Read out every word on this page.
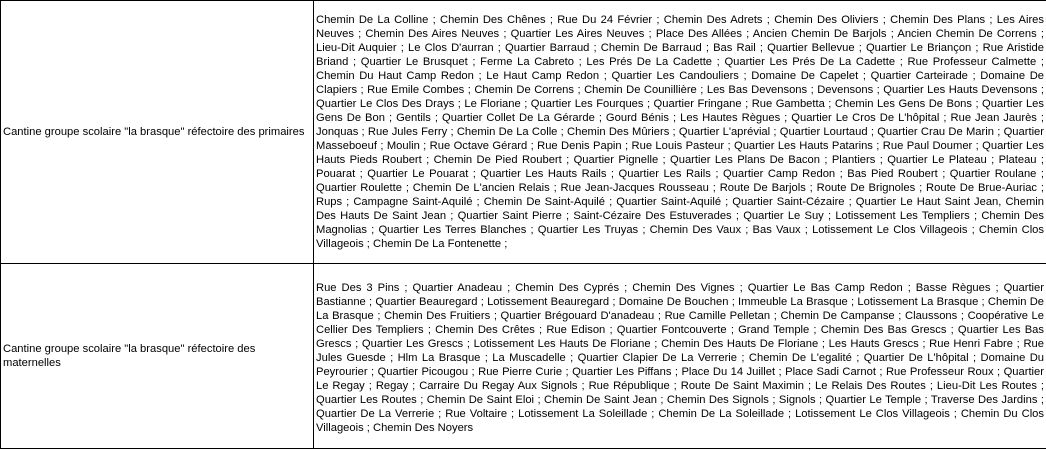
Cantine groupe scolaire "la brasque" réfectoire des primaires	Chemin De La Colline ; Chemin Des Chênes ; Rue Du 24 Février ; Chemin Des Adrets ; Chemin Des Oliviers ; Chemin Des Plans ; Les Aires Neuves ; Chemin Des Aires Neuves ; Quartier Les Aires Neuves ; Place Des Allées ; Ancien Chemin De Barjols ; Ancien Chemin De Correns ; Lieu-Dit Auquier ; Le Clos D'aurran ; Quartier Barraud ; Chemin De Barraud ; Bas Rail ; Quartier Bellevue ; Quartier Le Briançon ; Rue Aristide Briand ; Quartier Le Brusquet ; Ferme La Cabreto ; Les Prés De La Cadette ; Quartier Les Prés De La Cadette ; Rue Professeur Calmette ; Chemin Du Haut Camp Redon ; Le Haut Camp Redon ; Quartier Les Candouliers ; Domaine De Capelet ; Quartier Carteiradе ; Domaine De Clapiers ; Rue Emile Combes ; Chemin De Correns ; Chemin De Counillière ; Les Bas Devensons ; Devensons ; Quartier Les Hauts Devensons ; Quartier Le Clos Des Drays ; Le Floriane ; Quartier Les Fourques ; Quartier Fringane ; Rue Gambetta ; Chemin Les Gens De Bons ; Quartier Les Gens De Bon ; Gentils ; Quartier Collet De La Gérarde ; Gourd Bénis ; Les Hautes Règues ; Quartier Le Cros De L'hôpital ; Rue Jean Jaurès ; Jonquas ; Rue Jules Ferry ; Chemin De La Colle ; Chemin Des Mûriers ; Quartier L'aprévial ; Quartier Lourtaud ; Quartier Crau De Marin ; Quartier Masseboeuf ; Moulin ; Rue Octave Gérard ; Rue Denis Papin ; Rue Louis Pasteur ; Quartier Les Hauts Patarins ; Rue Paul Doumer ; Quartier Les Hauts Pieds Roubert ; Chemin De Pied Roubert ; Quartier Pignelle ; Quartier Les Plans De Bacon ; Plantiers ; Quartier Le Plateau ; Plateau ; Pouarat ; Quartier Le Pouarat ; Quartier Les Hauts Rails ; Quartier Les Rails ; Quartier Camp Redon ; Bas Pied Roubert ; Quartier Roulane ; Quartier Roulette ; Chemin De L'ancien Relais ; Rue Jean-Jacques Rousseau ; Route De Barjols ; Route De Brignoles ; Route De Brue-Auriac ; Rups ; Campagne Saint-Aquilé ; Chemin De Saint-Aquilé ; Quartier Saint-Aquilé ; Quartier Saint-Cézaire ; Quartier Le Haut Saint Jean, Chemin Des Hauts De Saint Jean ; Quartier Saint Pierre ; Saint-Cézaire Des Estuverades ; Quartier Le Suy ; Lotissement Les Templiers ; Chemin Des Magnolias ; Quartier Les Terres Blanches ; Quartier Les Truyas ; Chemin Des Vaux ; Bas Vaux ; Lotissement Le Clos Villageois ; Chemin Clos Villageois ; Chemin De La Fontenette ;
Cantine groupe scolaire "la brasque" réfectoire des maternelles	Rue Des 3 Pins ; Quartier Anadeau ; Chemin Des Cyprés ; Chemin Des Vignes ; Quartier Le Bas Camp Redon ; Basse Règues ; Quartier Bastianne ; Quartier Beauregard ; Lotissement Beauregard ; Domaine De Bouchen ; Immeuble La Brasque ; Lotissement La Brasque ; Chemin De La Brasque ; Chemin Des Fruitiers ; Quartier Brégouard D'anadeau ; Rue Camille Pelletan ; Chemin De Campanse ; Claussons ; Coopérative Le Cellier Des Templiers ; Chemin Des Crêtes ; Rue Edison ; Quartier Fontcouverte ; Grand Temple ; Chemin Des Bas Grescs ; Quartier Les Bas Grescs ; Quartier Les Grescs ; Lotissement Les Hauts De Floriane ; Chemin Des Hauts De Floriane ; Les Hauts Grescs ; Rue Henri Fabre ; Rue Jules Guesde ; Hlm La Brasque ; La Muscadelle ; Quartier Clapier De La Verrerie ; Chemin De L'egalité ; Quartier De L'hôpital ; Domaine Du Peyrourier ; Quartier Picougou ; Rue Pierre Curie ; Quartier Les Piffans ; Place Du 14 Juillet ; Place Sadi Carnot ; Rue Professeur Roux ; Quartier Le Regay ; Regay ; Carraire Du Regay Aux Signols ; Rue République ; Route De Saint Maximin ; Le Relais Des Routes ; Lieu-Dit Les Routes ; Quartier Les Routes ; Chemin De Saint Eloi ; Chemin De Saint Jean ; Chemin Des Signols ; Signols ; Quartier Le Temple ; Traverse Des Jardins ; Quartier De La Verrerie ; Rue Voltaire ; Lotissement La Soleillade ; Chemin De La Soleillade ; Lotissement Le Clos Villageois ; Chemin Du Clos Villageois ; Chemin Des Noyers
